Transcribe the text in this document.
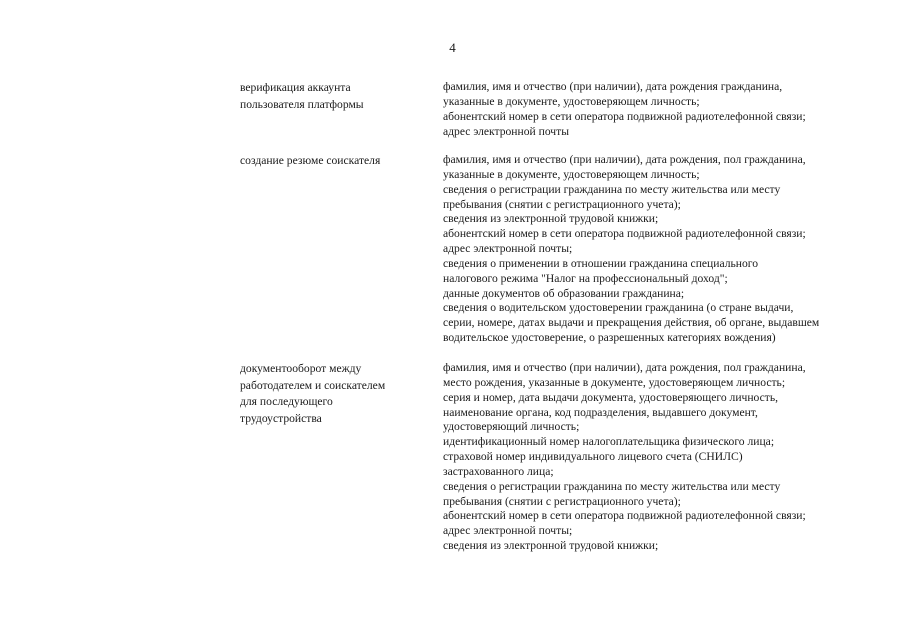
4
верификация аккаунта
пользователя платформы
фамилия, имя и отчество (при наличии), дата рождения гражданина,
указанные в документе, удостоверяющем личность;
абонентский номер в сети оператора подвижной радиотелефонной связи;
адрес электронной почты
создание резюме соискателя	фамилия, имя и отчество (при наличии), дата рождения, пол гражданина,
указанные в документе, удостоверяющем личность;
сведения о регистрации гражданина по месту жительства или месту
пребывания (снятии с регистрационного учета);
сведения из электронной трудовой книжки;
абонентский номер в сети оператора подвижной радиотелефонной связи;
адрес электронной почты;
сведения о применении в отношении гражданина специального
налогового режима "Налог на профессиональный доход";
данные документов об образовании гражданина;
сведения о водительском удостоверении гражданина (о стране выдачи,
серии, номере, датах выдачи и прекращения действия, об органе, выдавшем
водительское удостоверение, о разрешенных категориях вождения)
документооборот между
работодателем и соискателем
для последующего
трудоустройства
фамилия, имя и отчество (при наличии), дата рождения, пол гражданина,
место рождения, указанные в документе, удостоверяющем личность;
серия и номер, дата выдачи документа, удостоверяющего личность,
наименование органа, код подразделения, выдавшего документ,
удостоверяющий личность;
идентификационный номер налогоплательщика физического лица;
страховой номер индивидуального лицевого счета (СНИЛС)
застрахованного лица;
сведения о регистрации гражданина по месту жительства или месту
пребывания (снятии с регистрационного учета);
абонентский номер в сети оператора подвижной радиотелефонной связи;
адрес электронной почты;
сведения из электронной трудовой книжки;
